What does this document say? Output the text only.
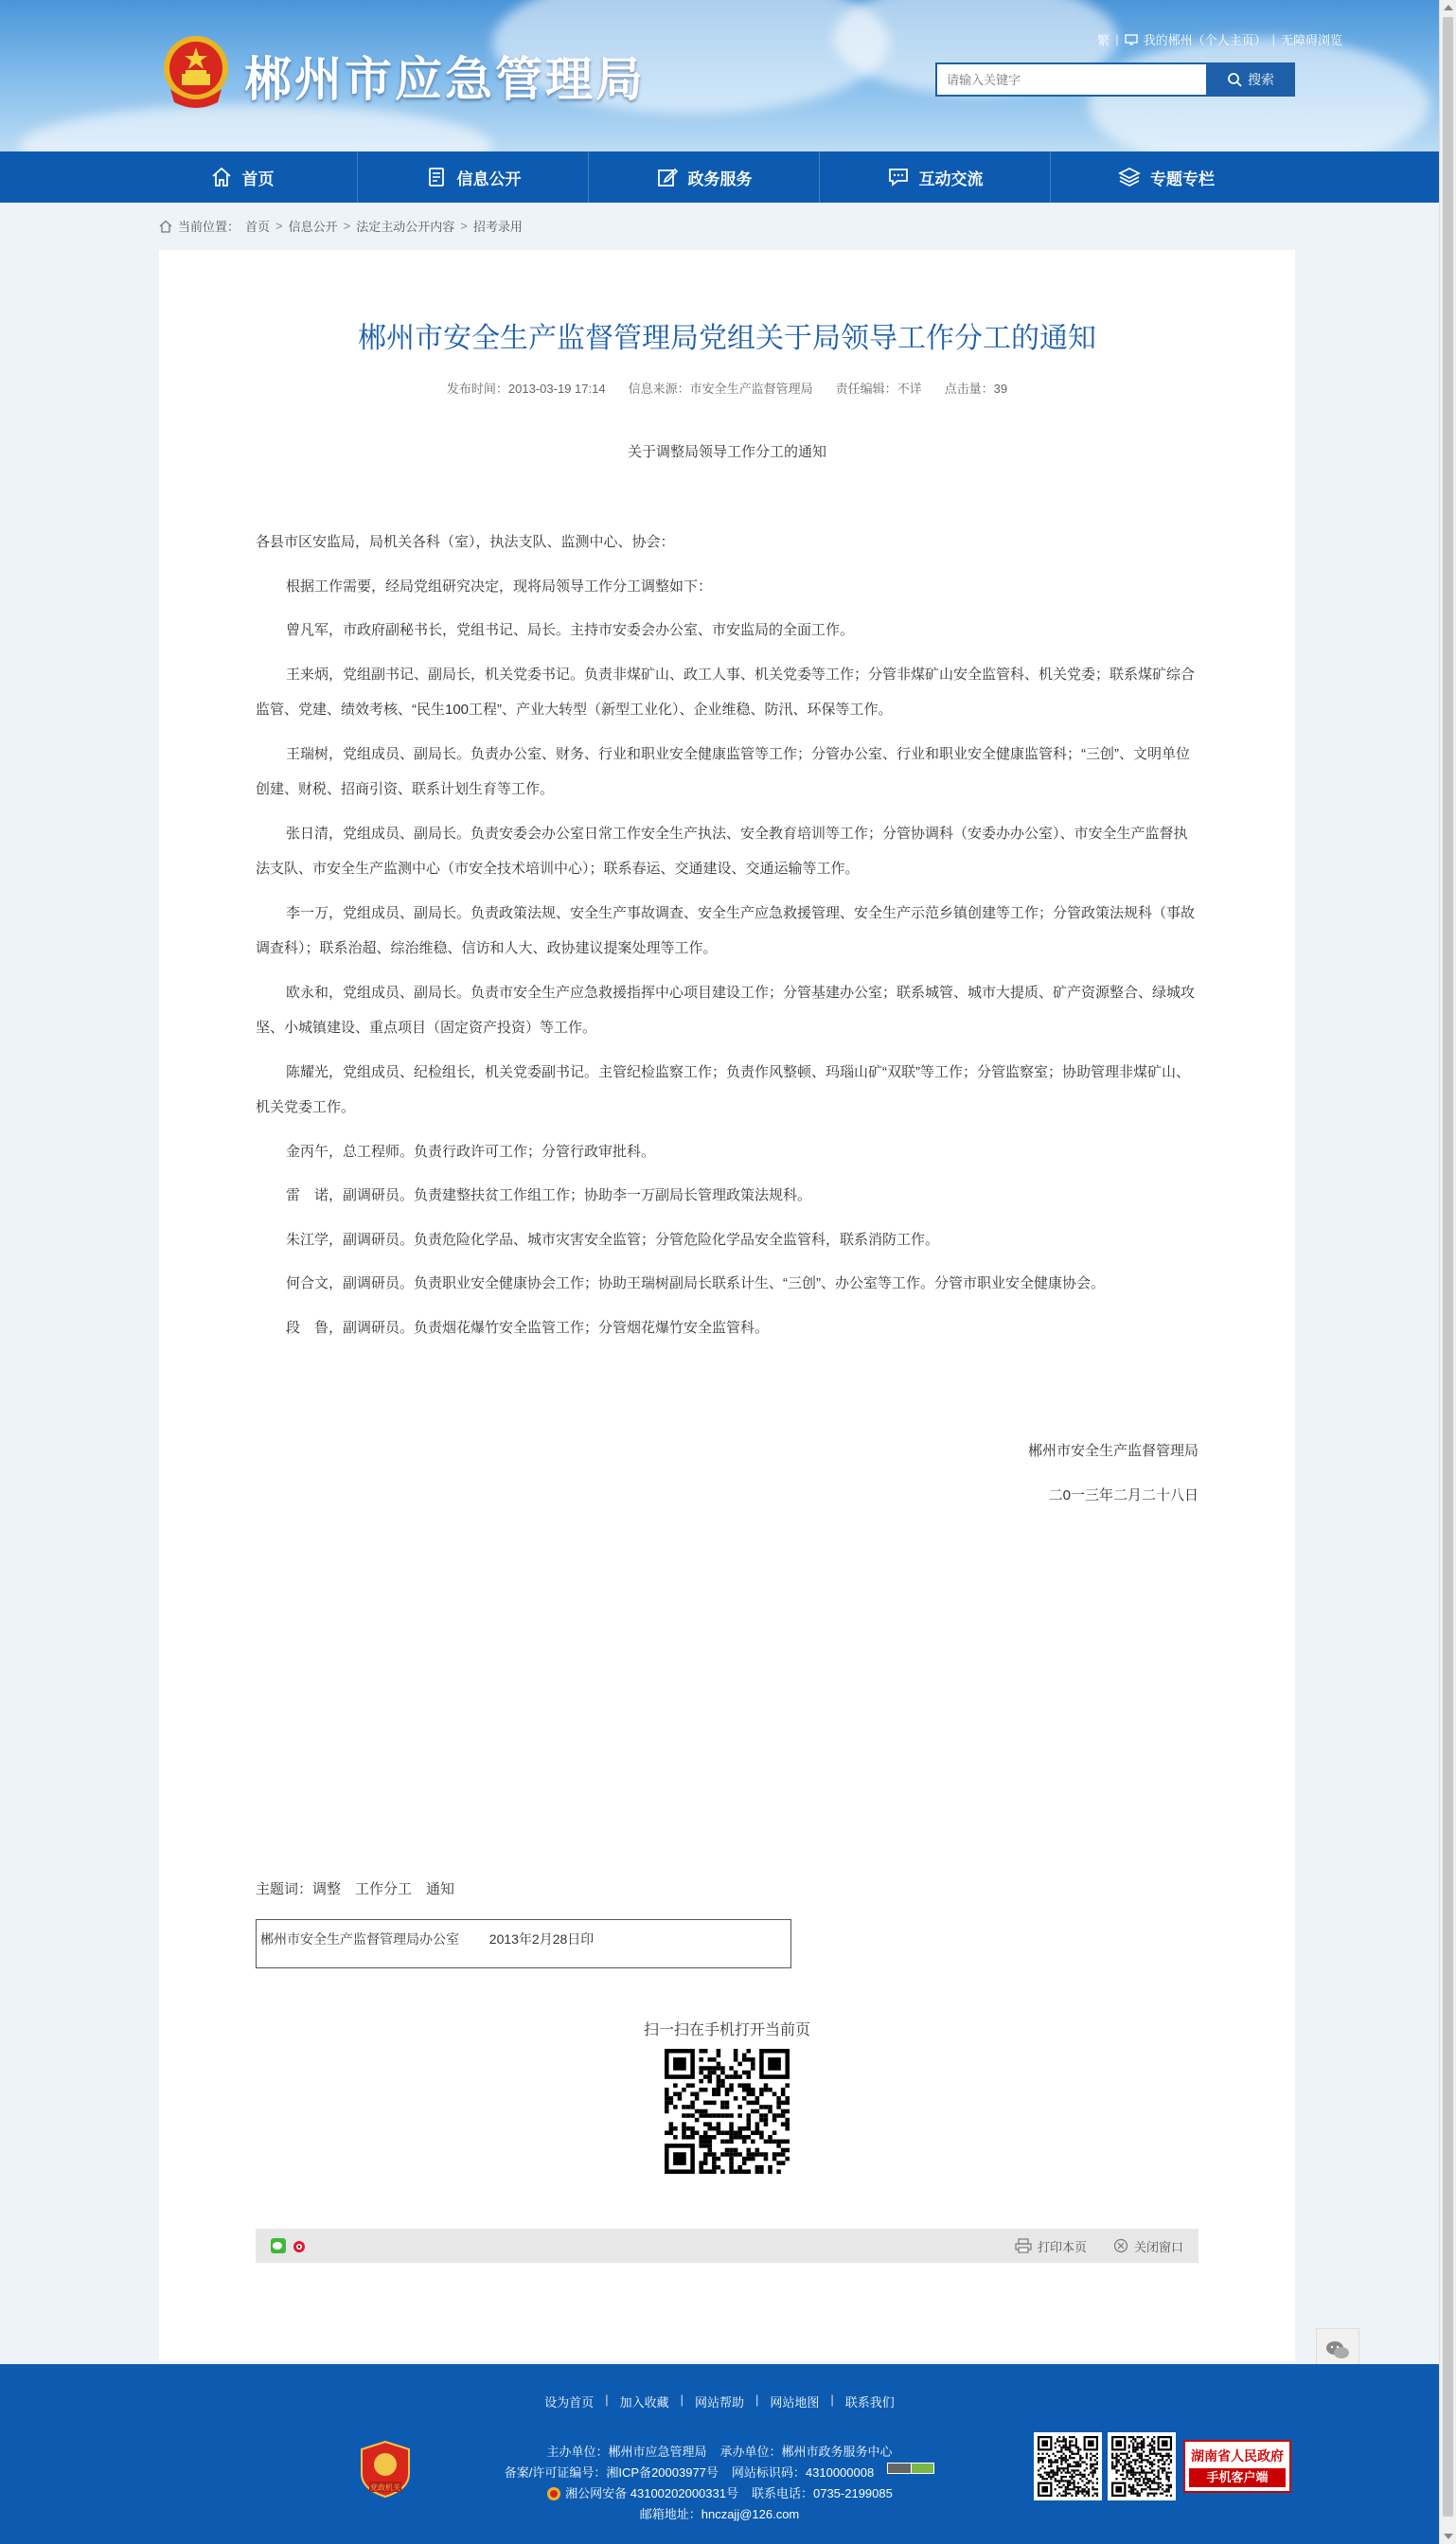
郴州市应急管理局
繁 | 我的郴州（个人主页） | 无障碍浏览
请输入关键字
搜索
首页	信息公开	政务服务	互动交流	专题专栏
当前位置： 首页 > 信息公开 > 法定主动公开内容 > 招考录用
郴州市安全生产监督管理局党组关于局领导工作分工的通知
发布时间：2013-03-19 17:14 信息来源：市安全生产监督管理局 责任编辑：不详 点击量：39
关于调整局领导工作分工的通知

各县市区安监局，局机关各科（室），执法支队、监测中心、协会：

根据工作需要，经局党组研究决定，现将局领导工作分工调整如下：

曾凡军，市政府副秘书长，党组书记、局长。主持市安委会办公室、市安监局的全面工作。

王来炳，党组副书记、副局长，机关党委书记。负责非煤矿山、政工人事、机关党委等工作；分管非煤矿山安全监管科、机关党委；联系煤矿综合监管、党建、绩效考核、“民生100工程”、产业大转型（新型工业化）、企业维稳、防汛、环保等工作。

王瑞树，党组成员、副局长。负责办公室、财务、行业和职业安全健康监管等工作；分管办公室、行业和职业安全健康监管科；“三创”、文明单位创建、财税、招商引资、联系计划生育等工作。

张日清，党组成员、副局长。负责安委会办公室日常工作安全生产执法、安全教育培训等工作；分管协调科（安委办办公室）、市安全生产监督执法支队、市安全生产监测中心（市安全技术培训中心）；联系春运、交通建设、交通运输等工作。

李一万，党组成员、副局长。负责政策法规、安全生产事故调查、安全生产应急救援管理、安全生产示范乡镇创建等工作；分管政策法规科（事故调查科）；联系治超、综治维稳、信访和人大、政协建议提案处理等工作。

欧永和，党组成员、副局长。负责市安全生产应急救援指挥中心项目建设工作；分管基建办公室；联系城管、城市大提质、矿产资源整合、绿城攻坚、小城镇建设、重点项目（固定资产投资）等工作。

陈耀光，党组成员、纪检组长，机关党委副书记。主管纪检监察工作；负责作风整顿、玛瑙山矿“双联”等工作；分管监察室；协助管理非煤矿山、机关党委工作。

金丙午，总工程师。负责行政许可工作；分管行政审批科。

雷　诺，副调研员。负责建整扶贫工作组工作；协助李一万副局长管理政策法规科。

朱江学，副调研员。负责危险化学品、城市灾害安全监管；分管危险化学品安全监管科，联系消防工作。

何合文，副调研员。负责职业安全健康协会工作；协助王瑞树副局长联系计生、“三创”、办公室等工作。分管市职业安全健康协会。

段　鲁，副调研员。负责烟花爆竹安全监管工作；分管烟花爆竹安全监管科。

郴州市安全生产监督管理局
二0一三年二月二十八日
主题词：调整　工作分工　通知
郴州市安全生产监督管理局办公室 2013年2月28日印
扫一扫在手机打开当前页
打印本页	关闭窗口
设为首页 | 加入收藏 | 网站帮助 | 网站地图 | 联系我们
党政机关
主办单位：郴州市应急管理局 承办单位：郴州市政务服务中心
备案/许可证编号：湘ICP备20003977号 网站标识码：4310000008
湘公网安备 43100202000331号 联系电话：0735-2199085
邮箱地址：hnczajj@126.com
湖南省人民政府
手机客户端
